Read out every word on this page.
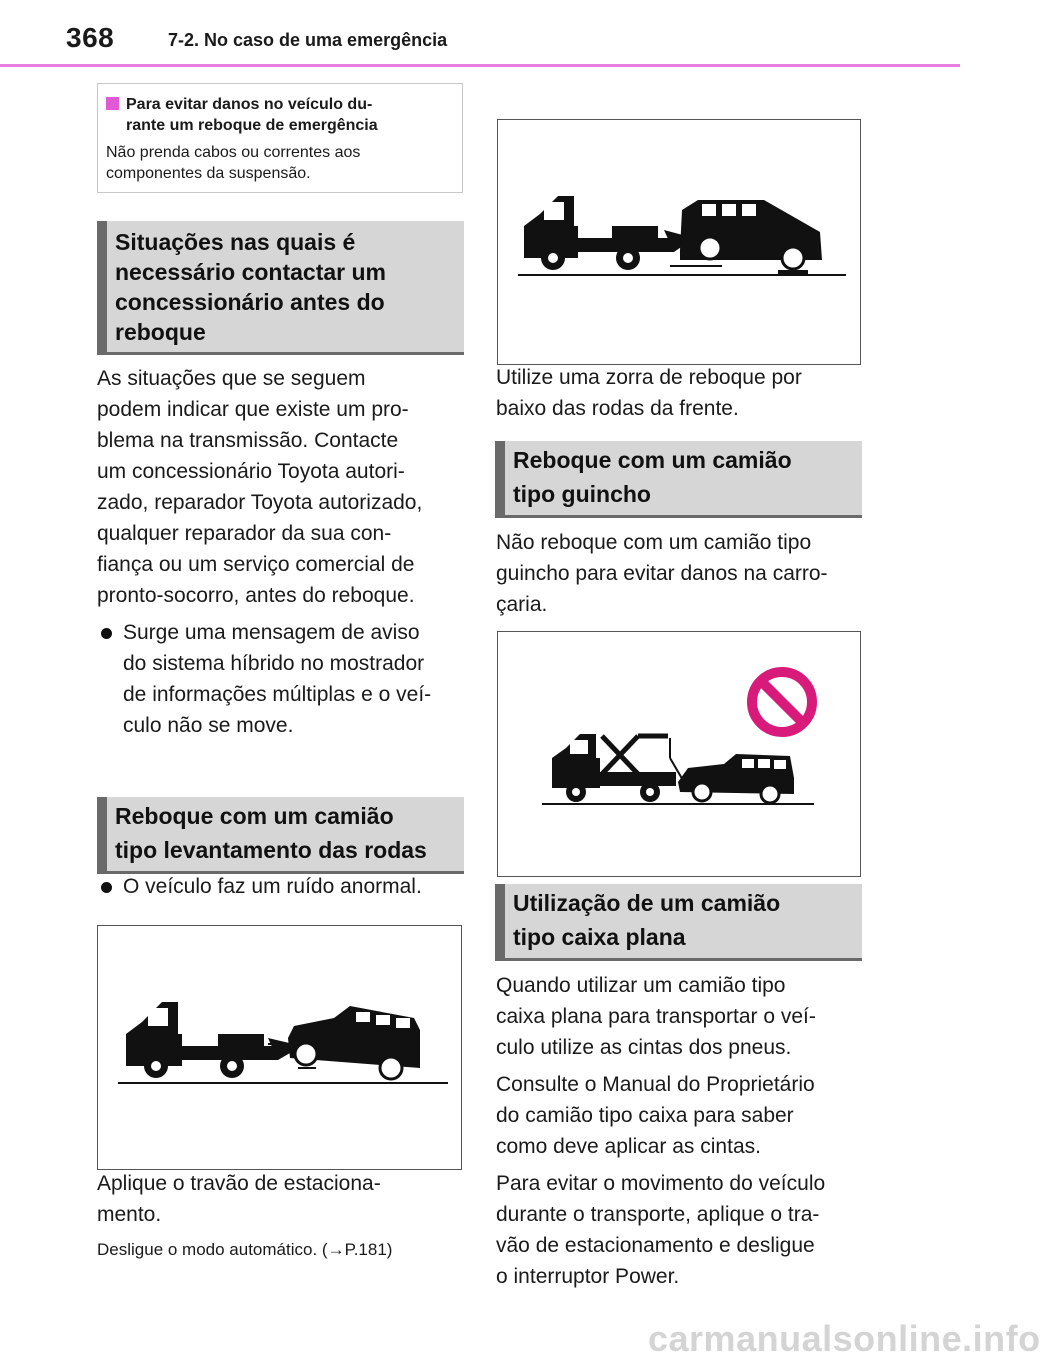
368	7-2. No caso de uma emergência
Para evitar danos no veículo du-
rante um reboque de emergência
Não prenda cabos ou correntes aos
componentes da suspensão.
Situações nas quais é
necessário contactar um
concessionário antes do
reboque
As situações que se seguem
podem indicar que existe um pro-
blema na transmissão. Contacte
um concessionário Toyota autori-
zado, reparador Toyota autorizado,
qualquer reparador da sua con-
fiança ou um serviço comercial de
pronto-socorro, antes do reboque.
Surge uma mensagem de aviso
do sistema híbrido no mostrador
de informações múltiplas e o veí-
culo não se move.
O veículo faz um ruído anormal.
Reboque com um camião
tipo levantamento das rodas
Aplique o travão de estaciona-
mento.
Desligue o modo automático. (→P.181)
Utilize uma zorra de reboque por
baixo das rodas da frente.
Reboque com um camião
tipo guincho
Não reboque com um camião tipo
guincho para evitar danos na carro-
çaria.
Utilização de um camião
tipo caixa plana
Quando utilizar um camião tipo
caixa plana para transportar o veí-
culo utilize as cintas dos pneus.
Consulte o Manual do Proprietário
do camião tipo caixa para saber
como deve aplicar as cintas.
Para evitar o movimento do veículo
durante o transporte, aplique o tra-
vão de estacionamento e desligue
o interruptor Power.
carmanualsonline.info
